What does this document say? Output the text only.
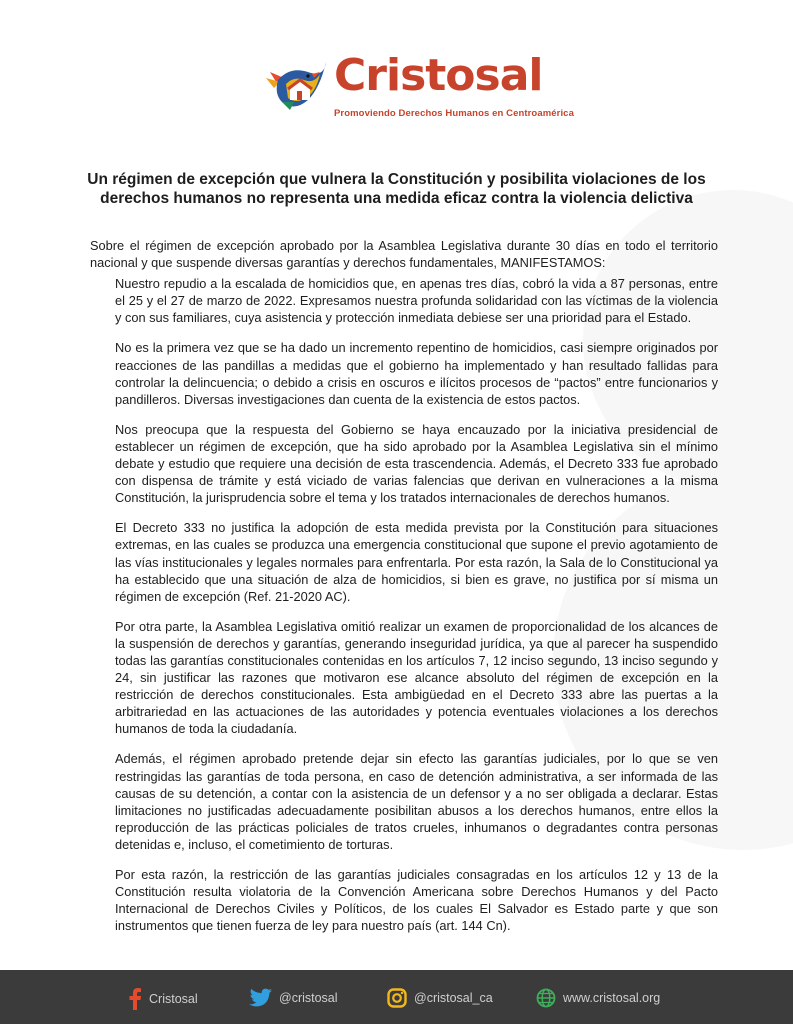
Cristosal
Promoviendo Derechos Humanos en Centroamérica
Un régimen de excepción que vulnera la Constitución y posibilita violaciones de los derechos humanos no representa una medida eficaz contra la violencia delictiva

Sobre el régimen de excepción aprobado por la Asamblea Legislativa durante 30 días en todo el territorio nacional y que suspende diversas garantías y derechos fundamentales, MANIFESTAMOS:

Nuestro repudio a la escalada de homicidios que, en apenas tres días, cobró la vida a 87 personas, entre el 25 y el 27 de marzo de 2022. Expresamos nuestra profunda solidaridad con las víctimas de la violencia y con sus familiares, cuya asistencia y protección inmediata debiese ser una prioridad para el Estado.

No es la primera vez que se ha dado un incremento repentino de homicidios, casi siempre originados por reacciones de las pandillas a medidas que el gobierno ha implementado y han resultado fallidas para controlar la delincuencia; o debido a crisis en oscuros e ilícitos procesos de “pactos” entre funcionarios y pandilleros. Diversas investigaciones dan cuenta de la existencia de estos pactos.

Nos preocupa que la respuesta del Gobierno se haya encauzado por la iniciativa presidencial de establecer un régimen de excepción, que ha sido aprobado por la Asamblea Legislativa sin el mínimo debate y estudio que requiere una decisión de esta trascendencia. Además, el Decreto 333 fue aprobado con dispensa de trámite y está viciado de varias falencias que derivan en vulneraciones a la misma Constitución, la jurisprudencia sobre el tema y los tratados internacionales de derechos humanos.

El Decreto 333 no justifica la adopción de esta medida prevista por la Constitución para situaciones extremas, en las cuales se produzca una emergencia constitucional que supone el previo agotamiento de las vías institucionales y legales normales para enfrentarla. Por esta razón, la Sala de lo Constitucional ya ha establecido que una situación de alza de homicidios, si bien es grave, no justifica por sí misma un régimen de excepción (Ref. 21-2020 AC).

Por otra parte, la Asamblea Legislativa omitió realizar un examen de proporcionalidad de los alcances de la suspensión de derechos y garantías, generando inseguridad jurídica, ya que al parecer ha suspendido todas las garantías constitucionales contenidas en los artículos 7, 12 inciso segundo, 13 inciso segundo y 24, sin justificar las razones que motivaron ese alcance absoluto del régimen de excepción en la restricción de derechos constitucionales. Esta ambigüedad en el Decreto 333 abre las puertas a la arbitrariedad en las actuaciones de las autoridades y potencia eventuales violaciones a los derechos humanos de toda la ciudadanía.

Además, el régimen aprobado pretende dejar sin efecto las garantías judiciales, por lo que se ven restringidas las garantías de toda persona, en caso de detención administrativa, a ser informada de las causas de su detención, a contar con la asistencia de un defensor y a no ser obligada a declarar. Estas limitaciones no justificadas adecuadamente posibilitan abusos a los derechos humanos, entre ellos la reproducción de las prácticas policiales de tratos crueles, inhumanos o degradantes contra personas detenidas e, incluso, el cometimiento de torturas.

Por esta razón, la restricción de las garantías judiciales consagradas en los artículos 12 y 13 de la Constitución resulta violatoria de la Convención Americana sobre Derechos Humanos y del Pacto Internacional de Derechos Civiles y Políticos, de los cuales El Salvador es Estado parte y que son instrumentos que tienen fuerza de ley para nuestro país (art. 144 Cn).

Cristosal	@cristosal	@cristosal_ca	www.cristosal.org
